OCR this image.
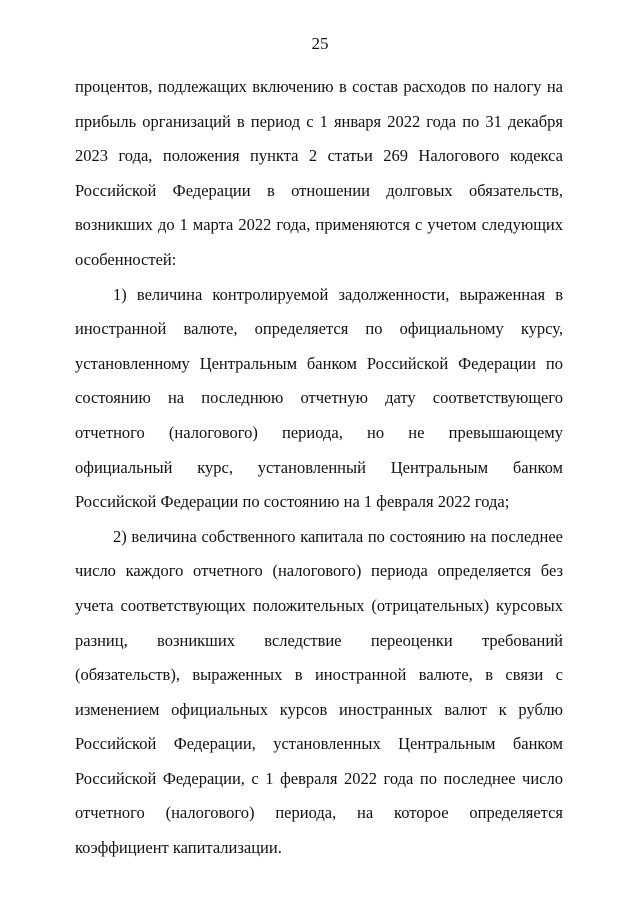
25

процентов, подлежащих включению в состав расходов по налогу на прибыль организаций в период с 1 января 2022 года по 31 декабря 2023 года, положения пункта 2 статьи 269 Налогового кодекса Российской Федерации в отношении долговых обязательств, возникших до 1 марта 2022 года, применяются с учетом следующих особенностей:

1) величина контролируемой задолженности, выраженная в иностранной валюте, определяется по официальному курсу, установленному Центральным банком Российской Федерации по состоянию на последнюю отчетную дату соответствующего отчетного (налогового) периода, но не превышающему официальный курс, установленный Центральным банком Российской Федерации по состоянию на 1 февраля 2022 года;

2) величина собственного капитала по состоянию на последнее число каждого отчетного (налогового) периода определяется без учета соответствующих положительных (отрицательных) курсовых разниц, возникших вследствие переоценки требований (обязательств), выраженных в иностранной валюте, в связи с изменением официальных курсов иностранных валют к рублю Российской Федерации, установленных Центральным банком Российской Федерации, с 1 февраля 2022 года по последнее число отчетного (налогового) периода, на которое определяется коэффициент капитализации.
